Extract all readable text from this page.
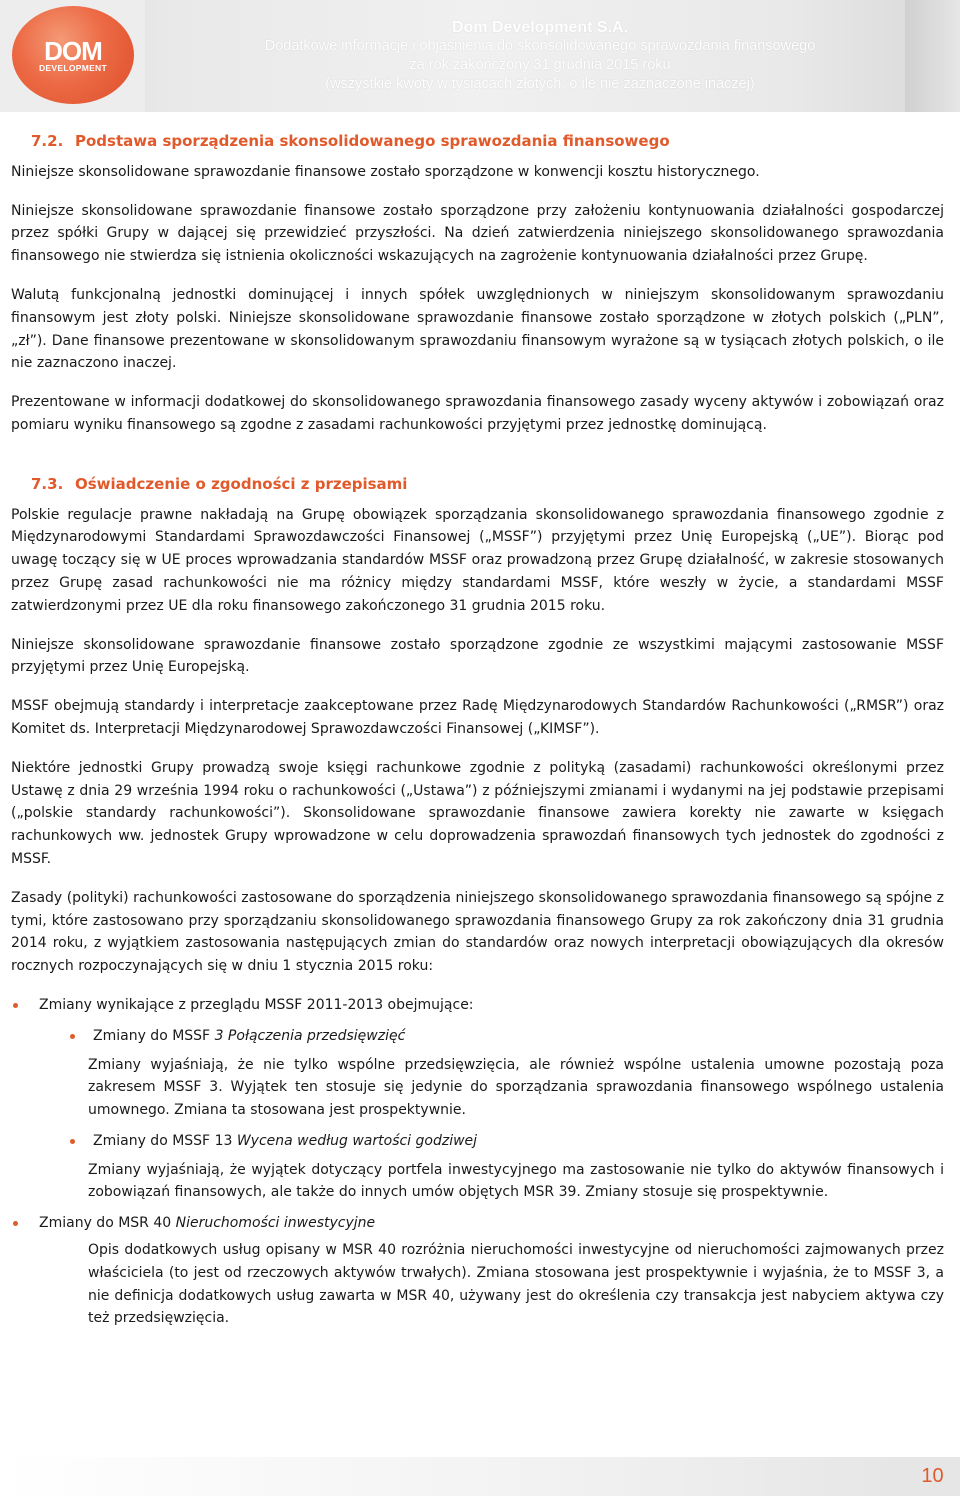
DOM
DEVELOPMENT
Dom Development S.A.
Dodatkowe informacje i objaśnienia do skonsolidowanego sprawozdania finansowego
za rok zakończony 31 grudnia 2015 roku
(wszystkie kwoty w tysiącach złotych, o ile nie zaznaczone inaczej)
7.2. Podstawa sporządzenia skonsolidowanego sprawozdania finansowego

Niniejsze skonsolidowane sprawozdanie finansowe zostało sporządzone w konwencji kosztu historycznego.

Niniejsze skonsolidowane sprawozdanie finansowe zostało sporządzone przy założeniu kontynuowania działalności gospodarczej przez spółki Grupy w dającej się przewidzieć przyszłości. Na dzień zatwierdzenia niniejszego skonsolidowanego sprawozdania finansowego nie stwierdza się istnienia okoliczności wskazujących na zagrożenie kontynuowania działalności przez Grupę.

Walutą funkcjonalną jednostki dominującej i innych spółek uwzględnionych w niniejszym skonsolidowanym sprawozdaniu finansowym jest złoty polski. Niniejsze skonsolidowane sprawozdanie finansowe zostało sporządzone w złotych polskich („PLN”, „zł”). Dane finansowe prezentowane w skonsolidowanym sprawozdaniu finansowym wyrażone są w tysiącach złotych polskich, o ile nie zaznaczono inaczej.

Prezentowane w informacji dodatkowej do skonsolidowanego sprawozdania finansowego zasady wyceny aktywów i zobowiązań oraz pomiaru wyniku finansowego są zgodne z zasadami rachunkowości przyjętymi przez jednostkę dominującą.

7.3. Oświadczenie o zgodności z przepisami

Polskie regulacje prawne nakładają na Grupę obowiązek sporządzania skonsolidowanego sprawozdania finansowego zgodnie z Międzynarodowymi Standardami Sprawozdawczości Finansowej („MSSF”) przyjętymi przez Unię Europejską („UE”). Biorąc pod uwagę toczący się w UE proces wprowadzania standardów MSSF oraz prowadzoną przez Grupę działalność, w zakresie stosowanych przez Grupę zasad rachunkowości nie ma różnicy między standardami MSSF, które weszły w życie, a standardami MSSF zatwierdzonymi przez UE dla roku finansowego zakończonego 31 grudnia 2015 roku.

Niniejsze skonsolidowane sprawozdanie finansowe zostało sporządzone zgodnie ze wszystkimi mającymi zastosowanie MSSF przyjętymi przez Unię Europejską.

MSSF obejmują standardy i interpretacje zaakceptowane przez Radę Międzynarodowych Standardów Rachunkowości („RMSR”) oraz Komitet ds. Interpretacji Międzynarodowej Sprawozdawczości Finansowej („KIMSF”).

Niektóre jednostki Grupy prowadzą swoje księgi rachunkowe zgodnie z polityką (zasadami) rachunkowości określonymi przez Ustawę z dnia 29 września 1994 roku o rachunkowości („Ustawa”) z późniejszymi zmianami i wydanymi na jej podstawie przepisami („polskie standardy rachunkowości”). Skonsolidowane sprawozdanie finansowe zawiera korekty nie zawarte w księgach rachunkowych ww. jednostek Grupy wprowadzone w celu doprowadzenia sprawozdań finansowych tych jednostek do zgodności z MSSF.

Zasady (polityki) rachunkowości zastosowane do sporządzenia niniejszego skonsolidowanego sprawozdania finansowego są spójne z tymi, które zastosowano przy sporządzaniu skonsolidowanego sprawozdania finansowego Grupy za rok zakończony dnia 31 grudnia 2014 roku, z wyjątkiem zastosowania następujących zmian do standardów oraz nowych interpretacji obowiązujących dla okresów rocznych rozpoczynających się w dniu 1 stycznia 2015 roku:

Zmiany wynikające z przeglądu MSSF 2011-2013 obejmujące:
Zmiany do MSSF 3 Połączenia przedsięwzięć

Zmiany wyjaśniają, że nie tylko wspólne przedsięwzięcia, ale również wspólne ustalenia umowne pozostają poza zakresem MSSF 3. Wyjątek ten stosuje się jedynie do sporządzania sprawozdania finansowego wspólnego ustalenia umownego. Zmiana ta stosowana jest prospektywnie.

Zmiany do MSSF 13 Wycena według wartości godziwej

Zmiany wyjaśniają, że wyjątek dotyczący portfela inwestycyjnego ma zastosowanie nie tylko do aktywów finansowych i zobowiązań finansowych, ale także do innych umów objętych MSR 39. Zmiany stosuje się prospektywnie.

Zmiany do MSR 40 Nieruchomości inwestycyjne

Opis dodatkowych usług opisany w MSR 40 rozróżnia nieruchomości inwestycyjne od nieruchomości zajmowanych przez właściciela (to jest od rzeczowych aktywów trwałych). Zmiana stosowana jest prospektywnie i wyjaśnia, że to MSSF 3, a nie definicja dodatkowych usług zawarta w MSR 40, używany jest do określenia czy transakcja jest nabyciem aktywa czy też przedsięwzięcia.

10
